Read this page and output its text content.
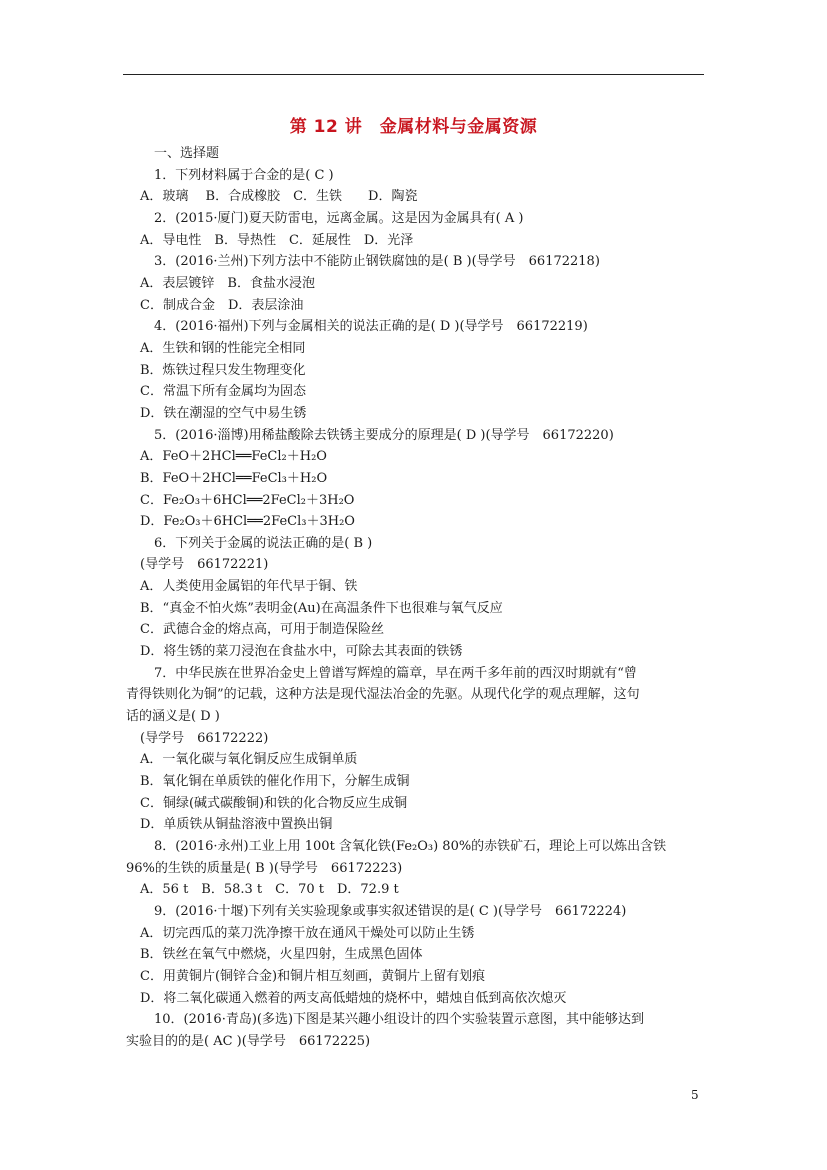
第 12 讲　金属材料与金属资源
一、选择题
1．下列材料属于合金的是( C )
A．玻璃　 B．合成橡胶　C．生铁　　D．陶瓷
2．(2015·厦门)夏天防雷电，远离金属。这是因为金属具有( A )
A．导电性　B．导热性　C．延展性　D．光泽
3．(2016·兰州)下列方法中不能防止钢铁腐蚀的是( B )(导学号　66172218)
A．表层镀锌　B．食盐水浸泡
C．制成合金　D．表层涂油
4．(2016·福州)下列与金属相关的说法正确的是( D )(导学号　66172219)
A．生铁和钢的性能完全相同
B．炼铁过程只发生物理变化
C．常温下所有金属均为固态
D．铁在潮湿的空气中易生锈
5．(2016·淄博)用稀盐酸除去铁锈主要成分的原理是( D )(导学号　66172220)
A．FeO＋2HCl══FeCl₂＋H₂O
B．FeO＋2HCl══FeCl₃＋H₂O
C．Fe₂O₃＋6HCl══2FeCl₂＋3H₂O
D．Fe₂O₃＋6HCl══2FeCl₃＋3H₂O
6．下列关于金属的说法正确的是( B )
(导学号　66172221)
A．人类使用金属铝的年代早于铜、铁
B．“真金不怕火炼”表明金(Au)在高温条件下也很难与氧气反应
C．武德合金的熔点高，可用于制造保险丝
D．将生锈的菜刀浸泡在食盐水中，可除去其表面的铁锈
7．中华民族在世界冶金史上曾谱写辉煌的篇章，早在两千多年前的西汉时期就有“曾
青得铁则化为铜”的记载，这种方法是现代湿法冶金的先驱。从现代化学的观点理解，这句
话的涵义是( D )
(导学号　66172222)
A．一氧化碳与氧化铜反应生成铜单质
B．氧化铜在单质铁的催化作用下，分解生成铜
C．铜绿(碱式碳酸铜)和铁的化合物反应生成铜
D．单质铁从铜盐溶液中置换出铜
8．(2016·永州)工业上用 100t 含氧化铁(Fe₂O₃) 80%的赤铁矿石，理论上可以炼出含铁
96%的生铁的质量是( B )(导学号　66172223)
A．56 t　B．58.3 t　C．70 t　D．72.9 t
9．(2016·十堰)下列有关实验现象或事实叙述错误的是( C )(导学号　66172224)
A．切完西瓜的菜刀洗净擦干放在通风干燥处可以防止生锈
B．铁丝在氧气中燃烧，火星四射，生成黑色固体
C．用黄铜片(铜锌合金)和铜片相互刻画，黄铜片上留有划痕
D．将二氧化碳通入燃着的两支高低蜡烛的烧杯中，蜡烛自低到高依次熄灭
10．(2016·青岛)(多选)下图是某兴趣小组设计的四个实验装置示意图，其中能够达到
实验目的的是( AC )(导学号　66172225)
5
